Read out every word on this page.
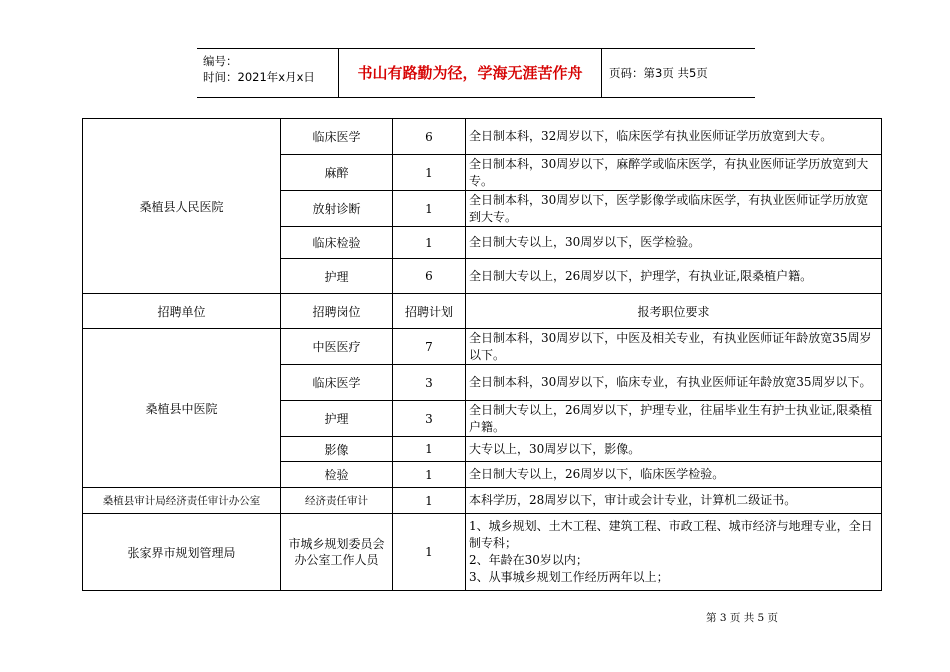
编号：
时间：2021年x月x日	书山有路勤为径，学海无涯苦作舟	页码：第3页 共5页
桑植县人民医院	临床医学	6	全日制本科，32周岁以下，临床医学有执业医师证学历放宽到大专。
	麻醉	1	全日制本科，30周岁以下，麻醉学或临床医学，有执业医师证学历放宽到大专。
	放射诊断	1	全日制本科，30周岁以下，医学影像学或临床医学，有执业医师证学历放宽到大专。
	临床检验	1	全日制大专以上，30周岁以下，医学检验。
	护理	6	全日制大专以上，26周岁以下，护理学，有执业证,限桑植户籍。
招聘单位	招聘岗位	招聘计划	报考职位要求
桑植县中医院	中医医疗	7	全日制本科，30周岁以下，中医及相关专业，有执业医师证年龄放宽35周岁以下。
	临床医学	3	全日制本科，30周岁以下，临床专业，有执业医师证年龄放宽35周岁以下。
	护理	3	全日制大专以上，26周岁以下，护理专业，往届毕业生有护士执业证,限桑植户籍。
	影像	1	大专以上，30周岁以下，影像。
	检验	1	全日制大专以上，26周岁以下，临床医学检验。
桑植县审计局经济责任审计办公室	经济责任审计	1	本科学历，28周岁以下，审计或会计专业，计算机二级证书。
张家界市规划管理局	市城乡规划委员会办公室工作人员	1	1、城乡规划、土木工程、建筑工程、市政工程、城市经济与地理专业，全日制专科；
2、年龄在30岁以内；
3、从事城乡规划工作经历两年以上；
第 3 页 共 5 页
